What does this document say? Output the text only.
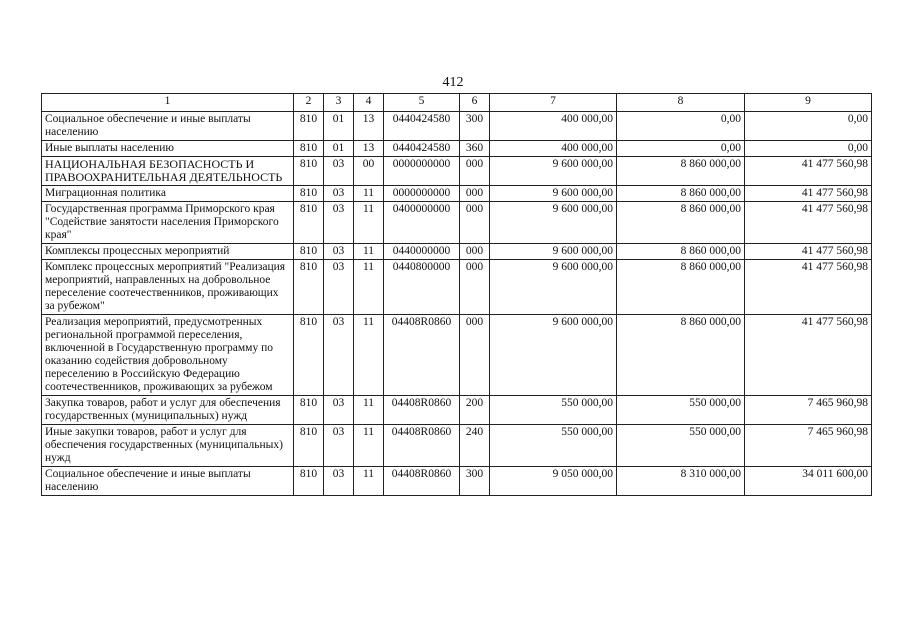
412
1	2	3	4	5	6	7	8	9
Социальное обеспечение и иные выплаты населению	810	01	13	0440424580	300	400 000,00	0,00	0,00
Иные выплаты населению	810	01	13	0440424580	360	400 000,00	0,00	0,00
НАЦИОНАЛЬНАЯ БЕЗОПАСНОСТЬ И ПРАВООХРАНИТЕЛЬНАЯ ДЕЯТЕЛЬНОСТЬ	810	03	00	0000000000	000	9 600 000,00	8 860 000,00	41 477 560,98
Миграционная политика	810	03	11	0000000000	000	9 600 000,00	8 860 000,00	41 477 560,98
Государственная программа Приморского края "Содействие занятости населения Приморского края"	810	03	11	0400000000	000	9 600 000,00	8 860 000,00	41 477 560,98
Комплексы процессных мероприятий	810	03	11	0440000000	000	9 600 000,00	8 860 000,00	41 477 560,98
Комплекс процессных мероприятий "Реализация мероприятий, направленных на добровольное переселение соотечественников, проживающих за рубежом"	810	03	11	0440800000	000	9 600 000,00	8 860 000,00	41 477 560,98
Реализация мероприятий, предусмотренных региональной программой переселения, включенной в Государственную программу по оказанию содействия добровольному переселению в Российскую Федерацию соотечественников, проживающих за рубежом	810	03	11	04408R0860	000	9 600 000,00	8 860 000,00	41 477 560,98
Закупка товаров, работ и услуг для обеспечения государственных (муниципальных) нужд	810	03	11	04408R0860	200	550 000,00	550 000,00	7 465 960,98
Иные закупки товаров, работ и услуг для обеспечения государственных (муниципальных) нужд	810	03	11	04408R0860	240	550 000,00	550 000,00	7 465 960,98
Социальное обеспечение и иные выплаты населению	810	03	11	04408R0860	300	9 050 000,00	8 310 000,00	34 011 600,00
